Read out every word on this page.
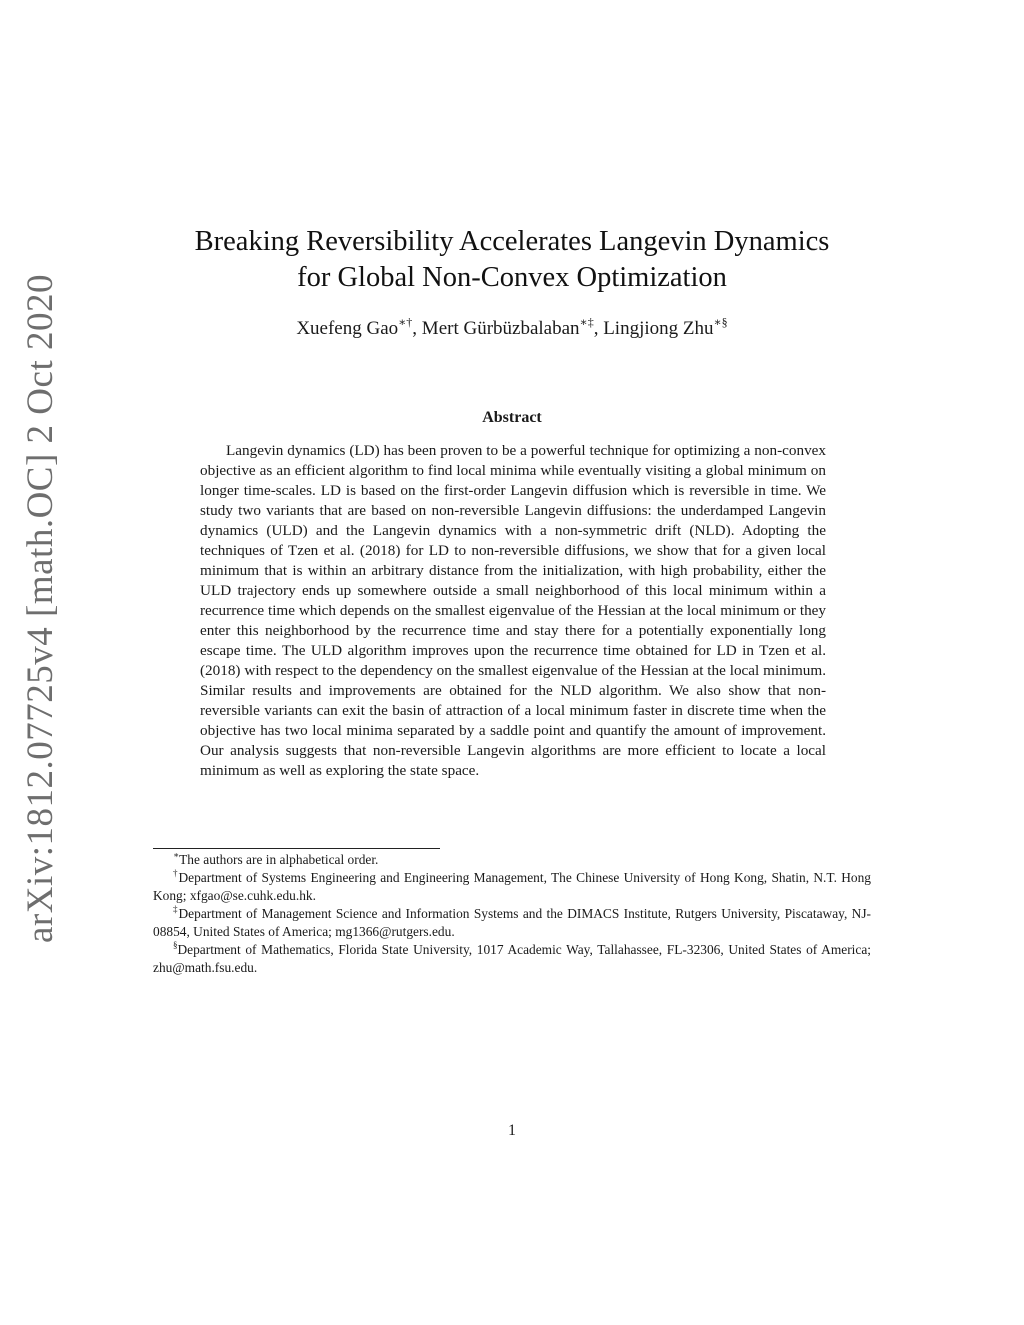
arXiv:1812.07725v4 [math.OC] 2 Oct 2020
Breaking Reversibility Accelerates Langevin Dynamics
for Global Non-Convex Optimization
Xuefeng Gao∗†, Mert Gürbüzbalaban∗‡, Lingjiong Zhu∗§
Abstract
Langevin dynamics (LD) has been proven to be a powerful technique for optimizing a non-convex objective as an efficient algorithm to find local minima while eventually visiting a global minimum on longer time-scales. LD is based on the first-order Langevin diffusion which is reversible in time. We study two variants that are based on non-reversible Langevin diffusions: the underdamped Langevin dynamics (ULD) and the Langevin dynamics with a non-symmetric drift (NLD). Adopting the techniques of Tzen et al. (2018) for LD to non-reversible diffusions, we show that for a given local minimum that is within an arbitrary distance from the initialization, with high probability, either the ULD trajectory ends up somewhere outside a small neighborhood of this local minimum within a recurrence time which depends on the smallest eigenvalue of the Hessian at the local minimum or they enter this neighborhood by the recurrence time and stay there for a potentially exponentially long escape time. The ULD algorithm improves upon the recurrence time obtained for LD in Tzen et al. (2018) with respect to the dependency on the smallest eigenvalue of the Hessian at the local minimum. Similar results and improvements are obtained for the NLD algorithm. We also show that non-reversible variants can exit the basin of attraction of a local minimum faster in discrete time when the objective has two local minima separated by a saddle point and quantify the amount of improvement. Our analysis suggests that non-reversible Langevin algorithms are more efficient to locate a local minimum as well as exploring the state space.

∗The authors are in alphabetical order.

†Department of Systems Engineering and Engineering Management, The Chinese University of Hong Kong, Shatin, N.T. Hong Kong; xfgao@se.cuhk.edu.hk.

‡Department of Management Science and Information Systems and the DIMACS Institute, Rutgers University, Piscataway, NJ-08854, United States of America; mg1366@rutgers.edu.

§Department of Mathematics, Florida State University, 1017 Academic Way, Tallahassee, FL-32306, United States of America; zhu@math.fsu.edu.

1
